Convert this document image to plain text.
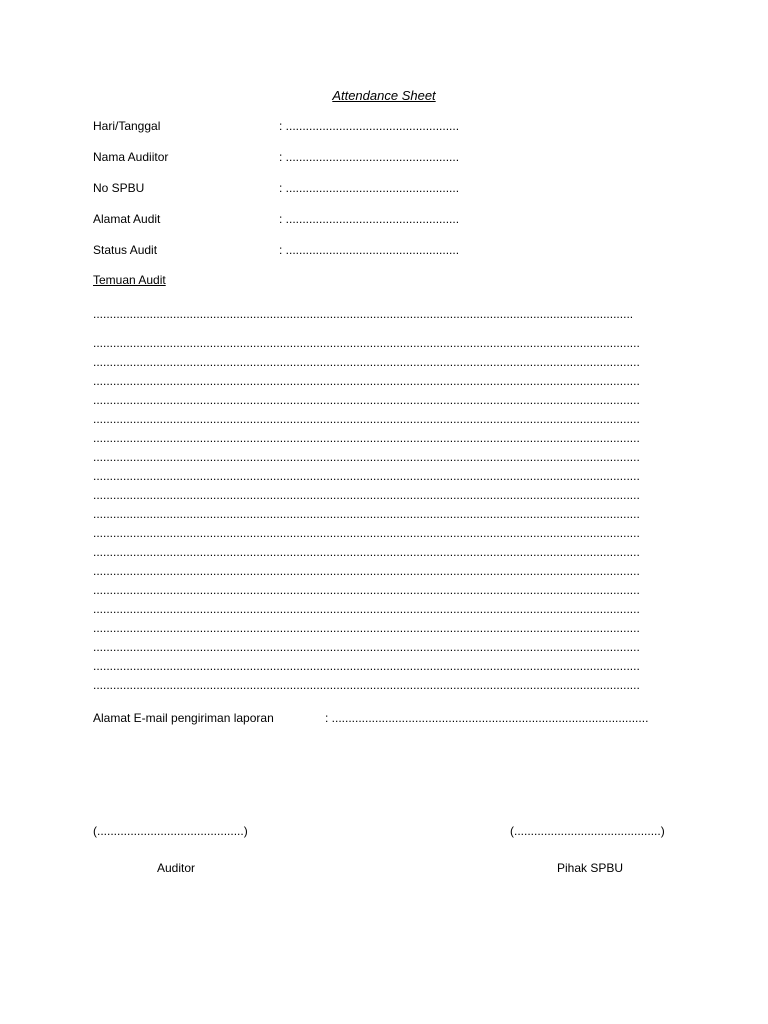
Attendance Sheet
Hari/Tanggal	: ....................................................
Nama Audiitor	: ....................................................
No SPBU	: ....................................................
Alamat Audit	: ....................................................
Status Audit	: ....................................................
Temuan Audit
..................................................................................................................................................................
....................................................................................................................................................................
....................................................................................................................................................................
....................................................................................................................................................................
....................................................................................................................................................................
....................................................................................................................................................................
....................................................................................................................................................................
....................................................................................................................................................................
....................................................................................................................................................................
....................................................................................................................................................................
....................................................................................................................................................................
....................................................................................................................................................................
....................................................................................................................................................................
....................................................................................................................................................................
....................................................................................................................................................................
....................................................................................................................................................................
....................................................................................................................................................................
....................................................................................................................................................................
....................................................................................................................................................................
....................................................................................................................................................................
Alamat E-mail pengiriman laporan	: ...............................................................................................
(............................................)	(............................................)
Auditor	Pihak SPBU
